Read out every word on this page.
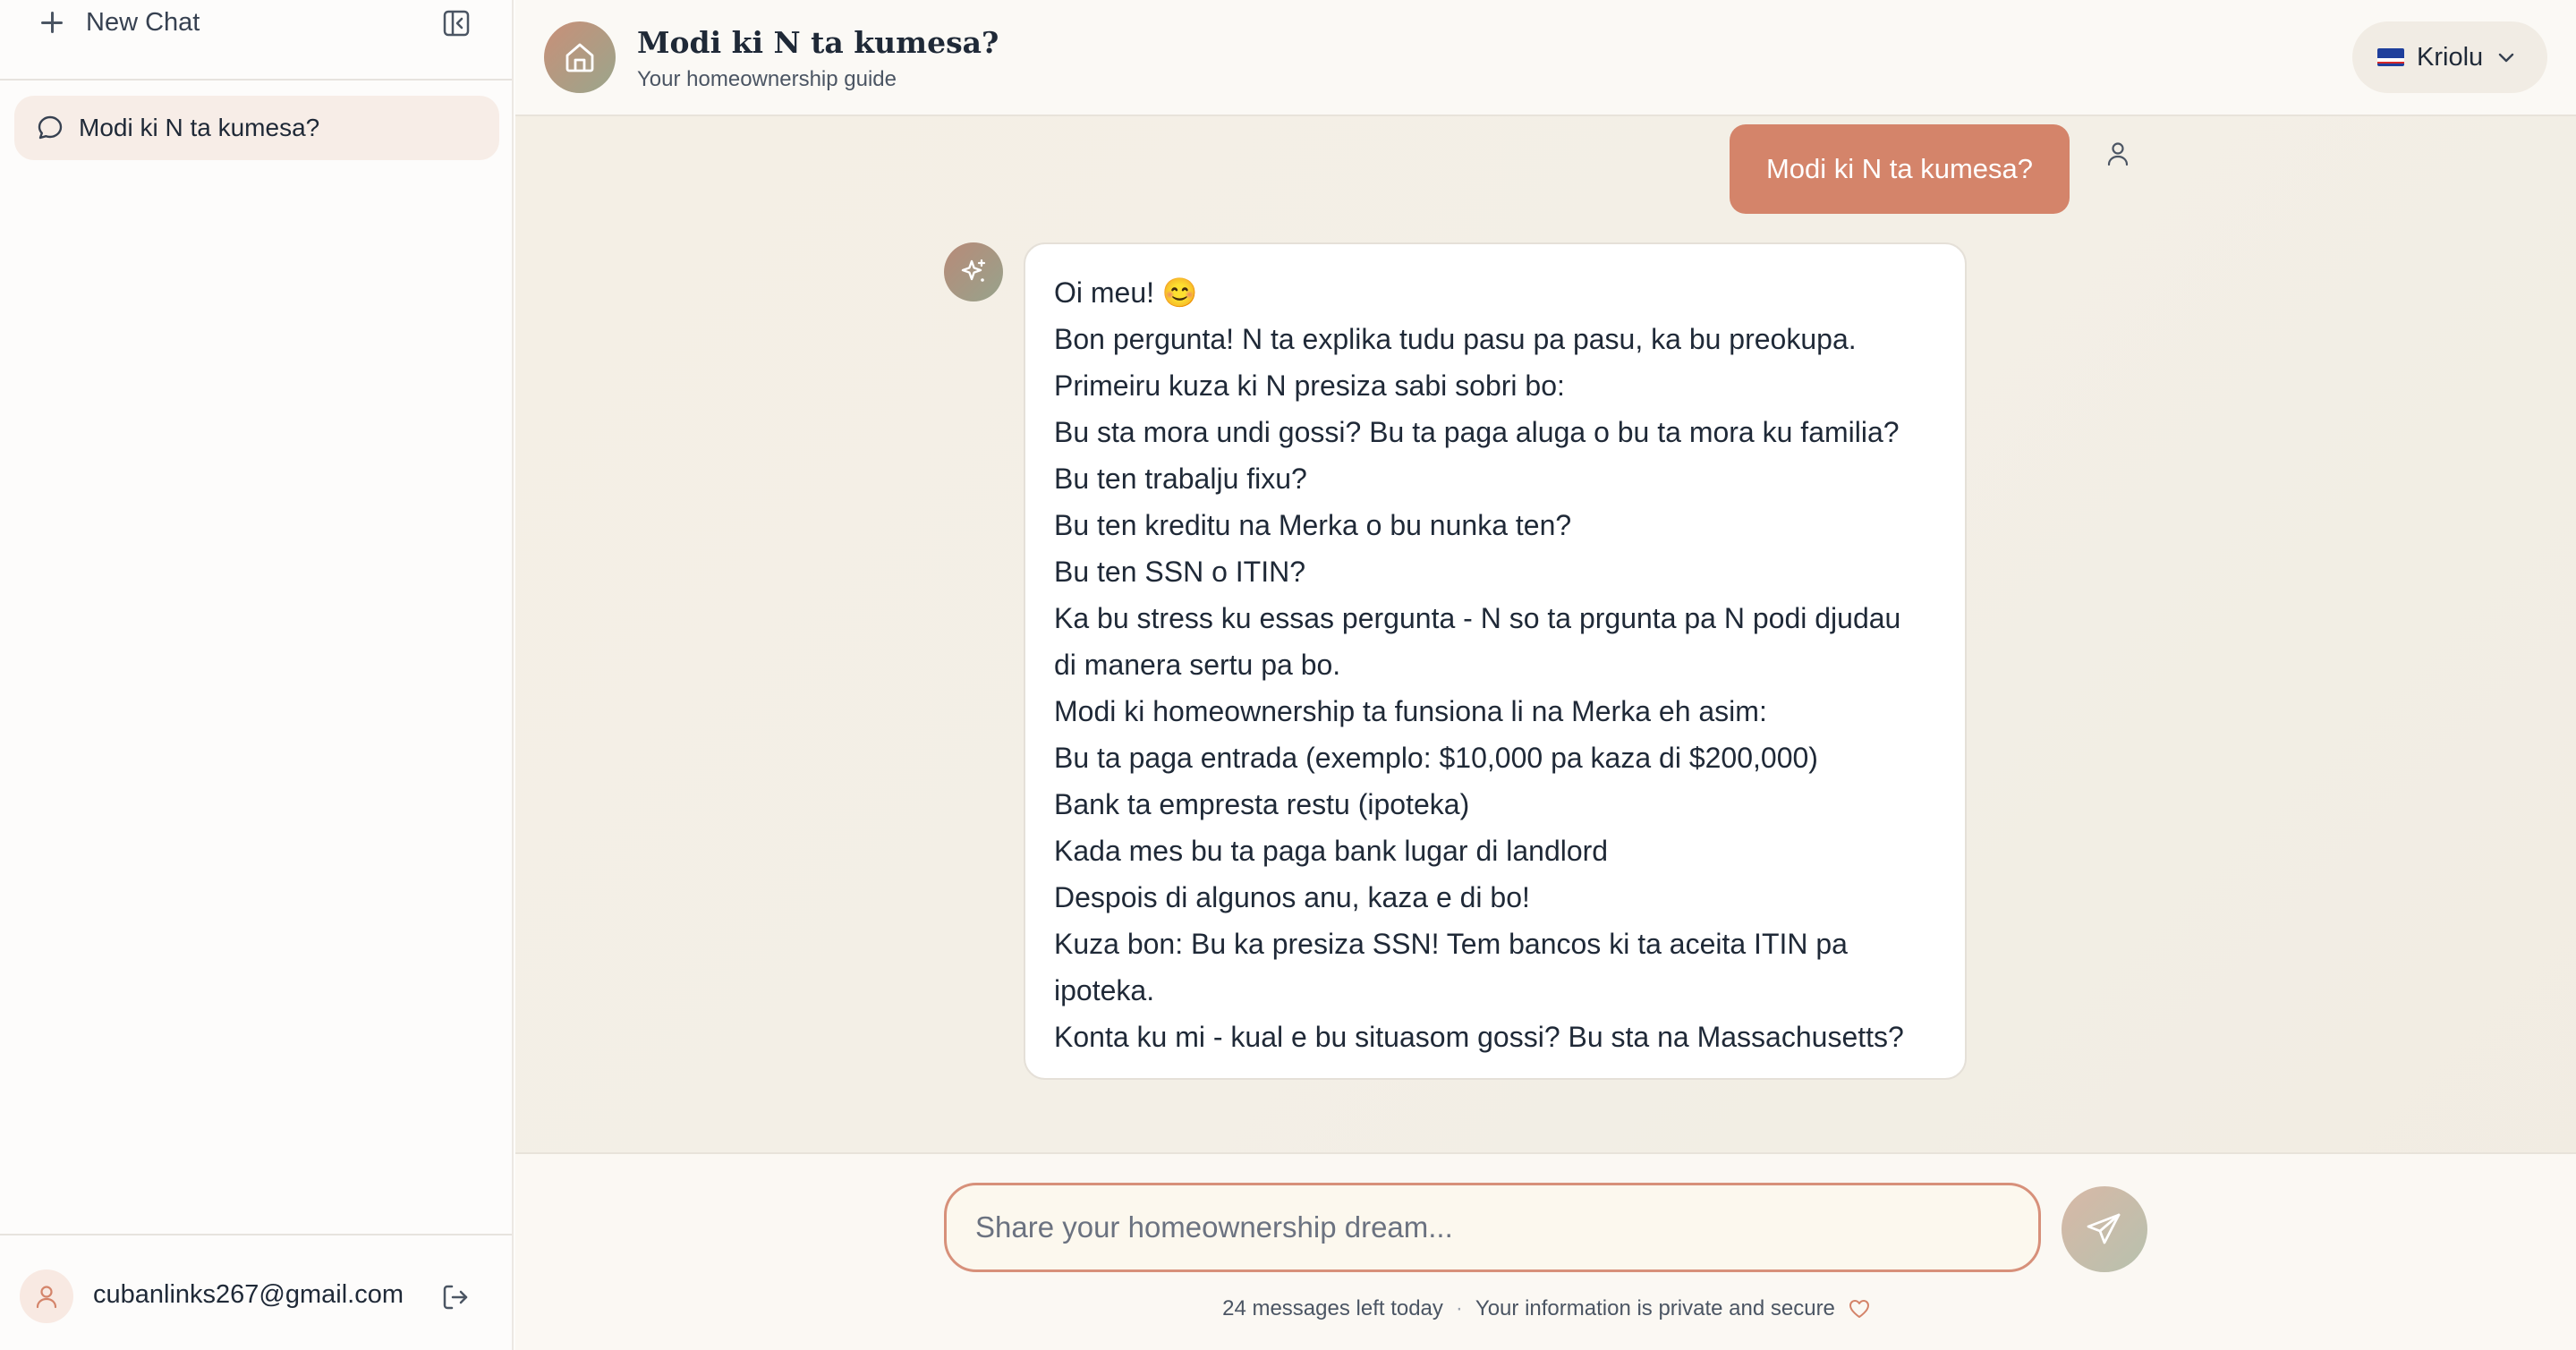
New Chat
Modi ki N ta kumesa?
cubanlinks267@gmail.com
Modi ki N ta kumesa?
Your homeownership guide
Kriolu
Modi ki N ta kumesa?
Oi meu! 😊
Bon pergunta! N ta explika tudu pasu pa pasu, ka bu preokupa.
Primeiru kuza ki N presiza sabi sobri bo:
Bu sta mora undi gossi? Bu ta paga aluga o bu ta mora ku familia?
Bu ten trabalju fixu?
Bu ten kreditu na Merka o bu nunka ten?
Bu ten SSN o ITIN?
Ka bu stress ku essas pergunta - N so ta prgunta pa N podi djudau
di manera sertu pa bo.
Modi ki homeownership ta funsiona li na Merka eh asim:
Bu ta paga entrada (exemplo: $10,000 pa kaza di $200,000)
Bank ta empresta restu (ipoteka)
Kada mes bu ta paga bank lugar di landlord
Despois di algunos anu, kaza e di bo!
Kuza bon: Bu ka presiza SSN! Tem bancos ki ta aceita ITIN pa
ipoteka.
Konta ku mi - kual e bu situasom gossi? Bu sta na Massachusetts?
Share your homeownership dream...
24 messages left today · Your information is private and secure
